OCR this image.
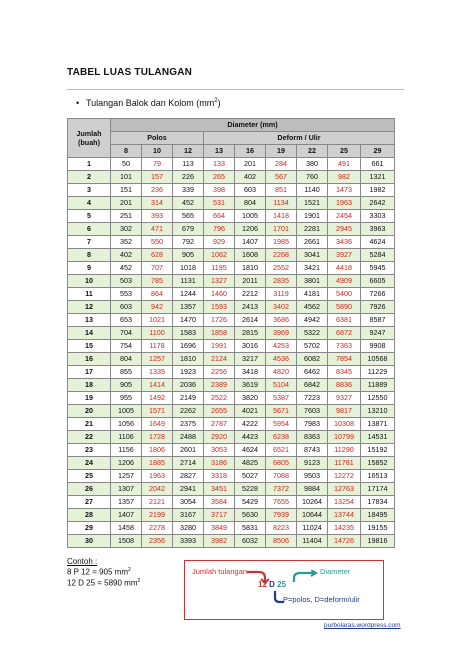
TABEL LUAS TULANGAN
• Tulangan Balok dan Kolom $(mm^2)$
Jumlah
(buah)	Diameter (mm)								
	Polos			Deform / Ulir					
	8	10	12	13	16	19	22	25	29
1	50	79	113	133	201	284	380	491	661
2	101	157	226	265	402	567	760	982	1321
3	151	236	339	398	603	851	1140	1473	1982
4	201	314	452	531	804	1134	1521	1963	2642
5	251	393	565	664	1005	1418	1901	2454	3303
6	302	471	679	796	1206	1701	2281	2945	3963
7	352	550	792	929	1407	1985	2661	3436	4624
8	402	628	905	1062	1608	2268	3041	3927	5284
9	452	707	1018	1195	1810	2552	3421	4418	5945
10	503	785	1131	1327	2011	2835	3801	4909	6605
11	553	864	1244	1460	2212	3119	4181	5400	7266
12	603	942	1357	1593	2413	3402	4562	5890	7926
13	653	1021	1470	1726	2614	3686	4942	6381	8587
14	704	1100	1583	1858	2815	3969	5322	6872	9247
15	754	1178	1696	1991	3016	4253	5702	7363	9908
16	804	1257	1810	2124	3217	4536	6082	7854	10568
17	855	1335	1923	2256	3418	4820	6462	8345	11229
18	905	1414	2036	2389	3619	5104	6842	8836	11889
19	955	1492	2149	2522	3820	5387	7223	9327	12550
20	1005	1571	2262	2655	4021	5671	7603	9817	13210
21	1056	1649	2375	2787	4222	5954	7983	10308	13871
22	1106	1728	2488	2920	4423	6238	8363	10799	14531
23	1156	1806	2601	3053	4624	6521	8743	11290	15192
24	1206	1885	2714	3186	4825	6805	9123	11781	15852
25	1257	1963	2827	3318	5027	7088	9503	12272	16513
26	1307	2042	2941	3451	5228	7372	9884	12763	17174
27	1357	2121	3054	3584	5429	7655	10264	13254	17834
28	1407	2199	3167	3717	5630	7939	10644	13744	18495
29	1458	2278	3280	3849	5831	8223	11024	14235	19155
30	1508	2356	3393	3982	6032	8506	11404	14726	19816
Contoh :
8 P 12 = 905 $mm^2$
12 D 25 = 5890 $mm^2$
Jumlah tulangan	Diameter
12 D 25
P=polos, D=deform/ulir
purbolaras.wordpress.com
